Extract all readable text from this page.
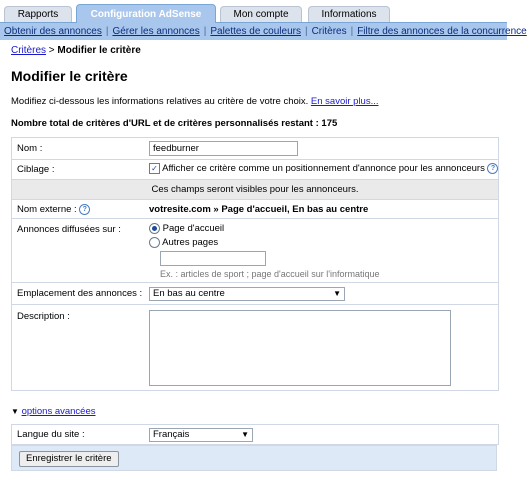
Rapports	Configuration AdSense	Mon compte	Informations
Obtenir des annonces | Gérer les annonces | Palettes de couleurs | Critères | Filtre des annonces de la concurrence
Critères > Modifier le critère
Modifier le critère
Modifiez ci-dessous les informations relatives au critère de votre choix. En savoir plus...
Nombre total de critères d'URL et de critères personnalisés restant : 175
Nom :
feedburner
Ciblage :	✓ Afficher ce critère comme un positionnement d'annonce pour les annonceurs ?
Ces champs seront visibles pour les annonceurs.
Nom externe : ?	votresite.com » Page d'accueil, En bas au centre
Annonces diffusées sur :	Page d'accueil
Autres pages
Ex. : articles de sport ; page d'accueil sur l'informatique
Emplacement des annonces :	En bas au centre	▼
Description :
▼ options avancées
Langue du site :	Français	▼
Enregistrer le critère
